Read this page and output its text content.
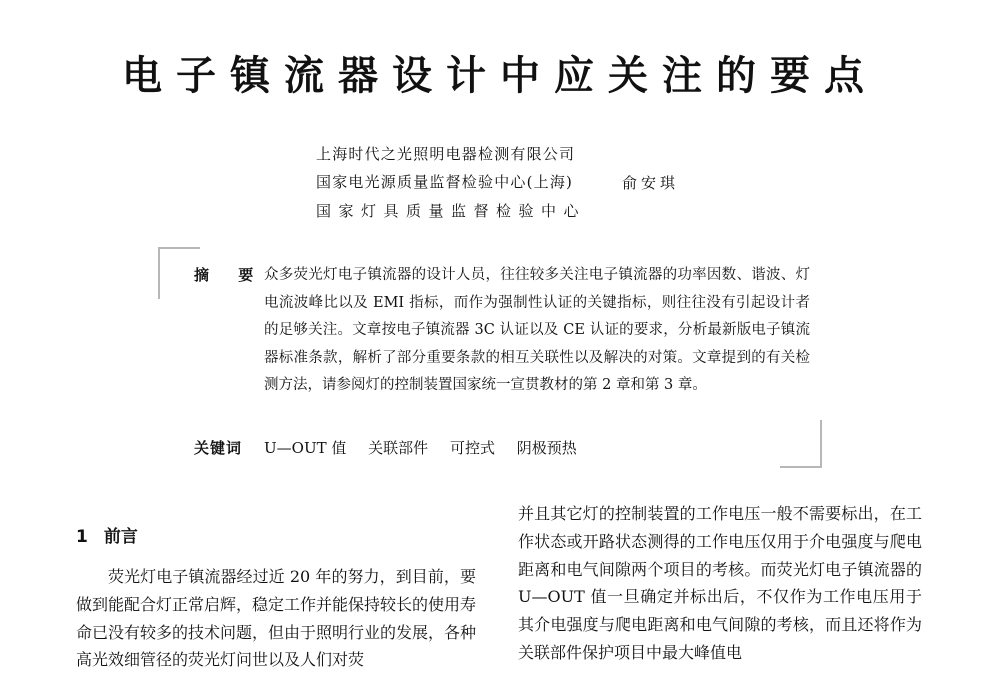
电子镇流器设计中应关注的要点
上海时代之光照明电器检测有限公司
国家电光源质量监督检验中心(上海)	俞安琪
国家灯具质量监督检验中心
摘 要

众多荧光灯电子镇流器的设计人员，往往较多关注电子镇流器的功率因数、谐波、灯电流波峰比以及 EMI 指标，而作为强制性认证的关键指标，则往往没有引起设计者的足够关注。文章按电子镇流器 3C 认证以及 CE 认证的要求，分析最新版电子镇流器标准条款，解析了部分重要条款的相互关联性以及解决的对策。文章提到的有关检测方法，请参阅灯的控制装置国家统一宣贯教材的第 2 章和第 3 章。

关键词 U—OUT 值 关联部件 可控式 阴极预热
1 前言

荧光灯电子镇流器经过近 20 年的努力，到目前，要做到能配合灯正常启辉，稳定工作并能保持较长的使用寿命已没有较多的技术问题，但由于照明行业的发展，各种高光效细管径的荧光灯问世以及人们对荧

并且其它灯的控制装置的工作电压一般不需要标出，在工作状态或开路状态测得的工作电压仅用于介电强度与爬电距离和电气间隙两个项目的考核。而荧光灯电子镇流器的 U—OUT 值一旦确定并标出后，不仅作为工作电压用于其介电强度与爬电距离和电气间隙的考核，而且还将作为关联部件保护项目中最大峰值电
